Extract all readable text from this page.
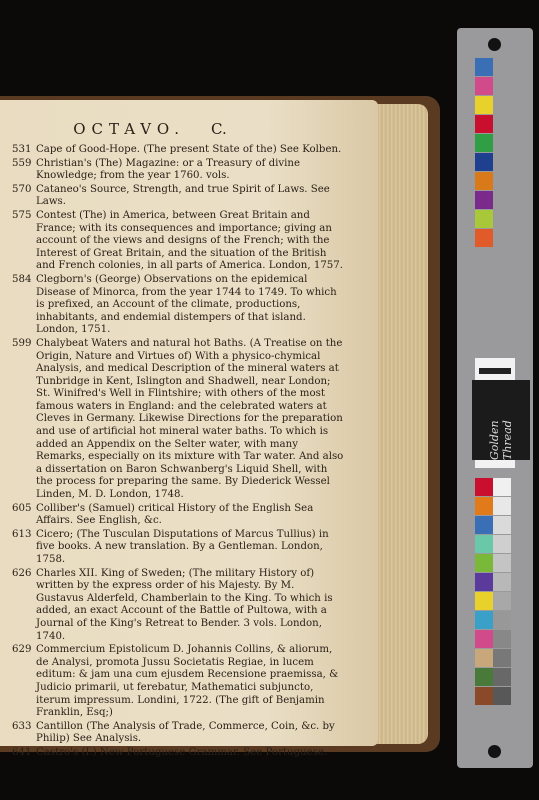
OCTAVO. C.
531 Cape of Good-Hope. (The present State of the) See Kolben.
559 Christian's (The) Magazine: or a Treasury of divine Knowledge; from the year 1760. vols.
570 Cataneo's Source, Strength, and true Spirit of Laws. See Laws.
575 Contest (The) in America, between Great Britain and France; with its consequences and importance; giving an account of the views and designs of the French; with the Interest of Great Britain, and the situation of the British and French colonies, in all parts of America. London, 1757.
584 Clegborn's (George) Observations on the epidemical Disease of Minorca, from the year 1744 to 1749. To which is prefixed, an Account of the climate, productions, inhabitants, and endemial distempers of that island. London, 1751.
599 Chalybeat Waters and natural hot Baths. (A Treatise on the Origin, Nature and Virtues of) With a physico-chymical Analysis, and medical Description of the mineral waters at Tunbridge in Kent, Islington and Shadwell, near London; St. Winifred's Well in Flintshire; with others of the most famous waters in England: and the celebrated waters at Cleves in Germany. Likewise Directions for the preparation and use of artificial hot mineral water baths. To which is added an Appendix on the Selter water, with many Remarks, especially on its mixture with Tar water. And also a dissertation on Baron Schwanberg's Liquid Shell, with the process for preparing the same. By Diederick Wessel Linden, M. D. London, 1748.
605 Colliber's (Samuel) critical History of the English Sea Affairs. See English, &c.
613 Cicero; (The Tusculan Disputations of Marcus Tullius) in five books. A new translation. By a Gentleman. London, 1758.
626 Charles XII. King of Sweden; (The military History of) written by the express order of his Majesty. By M. Gustavus Alderfeld, Chamberlain to the King. To which is added, an exact Account of the Battle of Pultowa, with a Journal of the King's Retreat to Bender. 3 vols. London, 1740.
629 Commercium Epistolicum D. Johannis Collins, & aliorum, de Analysi, promota Jussu Societatis Regiae, in lucem editum: & jam una cum ejusdem Recensione praemissa, & Judicio primarii, ut ferebatur, Mathematici subjuncto, iterum impressum. Londini, 1722. (The gift of Benjamin Franklin, Esq;)
633 Cantillon (The Analysis of Trade, Commerce, Coin, &c. by Philip) See Analysis.
641 Castro's (I.) New Portuguese Grammar. See Portuguese.
Golden Thread
